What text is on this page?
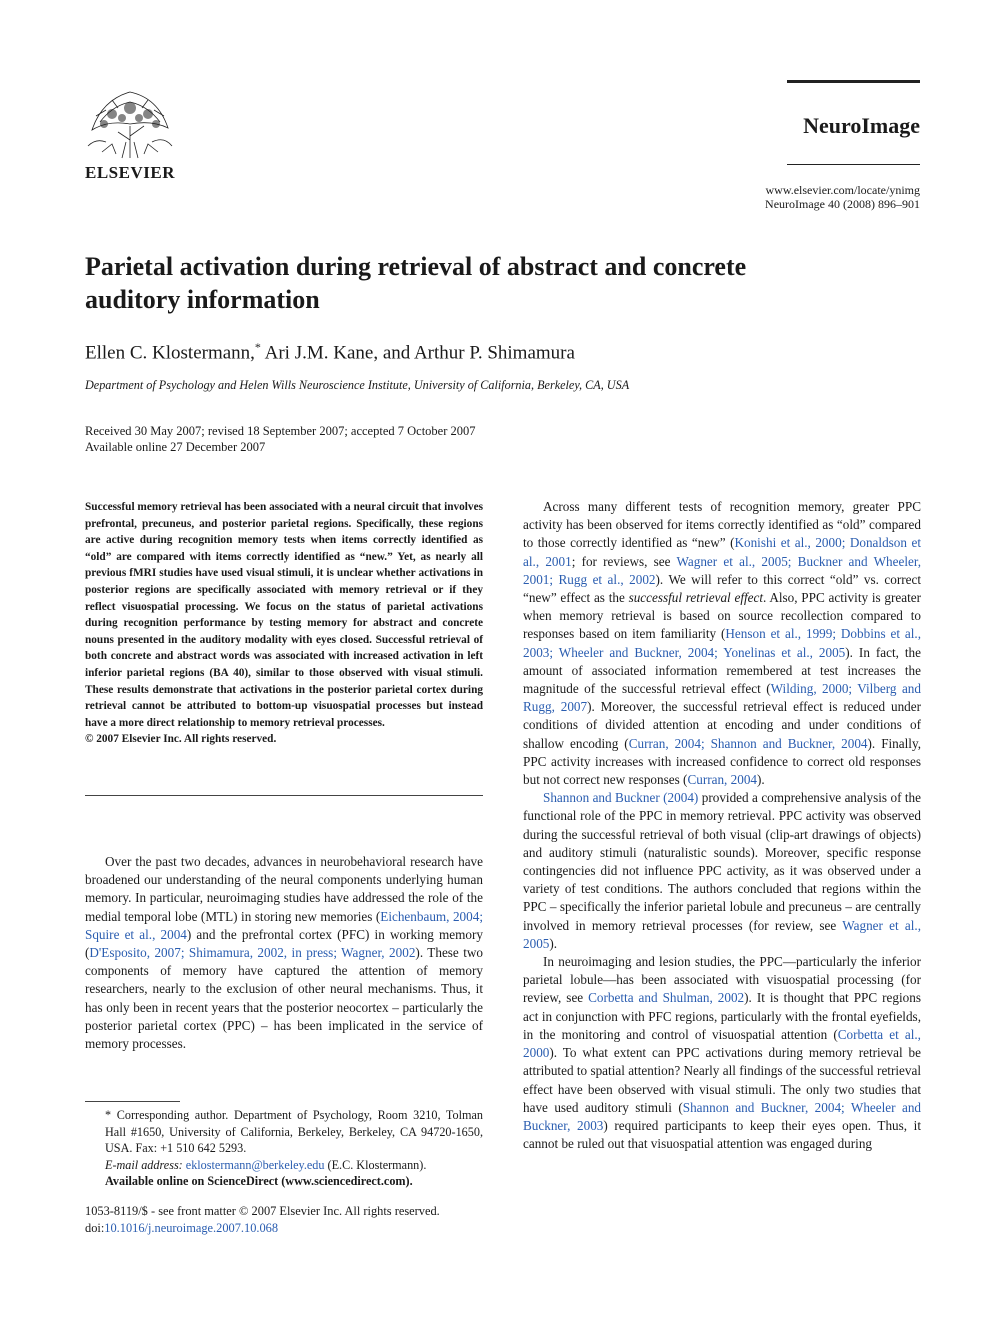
ELSEVIER
NeuroImage
www.elsevier.com/locate/ynimg
NeuroImage 40 (2008) 896–901
Parietal activation during retrieval of abstract and concrete auditory information
Ellen C. Klostermann,* Ari J.M. Kane, and Arthur P. Shimamura
Department of Psychology and Helen Wills Neuroscience Institute, University of California, Berkeley, CA, USA
Received 30 May 2007; revised 18 September 2007; accepted 7 October 2007
Available online 27 December 2007
Successful memory retrieval has been associated with a neural circuit that involves prefrontal, precuneus, and posterior parietal regions. Specifically, these regions are active during recognition memory tests when items correctly identified as “old” are compared with items correctly identified as “new.” Yet, as nearly all previous fMRI studies have used visual stimuli, it is unclear whether activations in posterior regions are specifically associated with memory retrieval or if they reflect visuospatial processing. We focus on the status of parietal activations during recognition performance by testing memory for abstract and concrete nouns presented in the auditory modality with eyes closed. Successful retrieval of both concrete and abstract words was associated with increased activation in left inferior parietal regions (BA 40), similar to those observed with visual stimuli. These results demonstrate that activations in the posterior parietal cortex during retrieval cannot be attributed to bottom-up visuospatial processes but instead have a more direct relationship to memory retrieval processes.
© 2007 Elsevier Inc. All rights reserved.

Over the past two decades, advances in neurobehavioral research have broadened our understanding of the neural components underlying human memory. In particular, neuroimaging studies have addressed the role of the medial temporal lobe (MTL) in storing new memories (Eichenbaum, 2004; Squire et al., 2004) and the prefrontal cortex (PFC) in working memory (D'Esposito, 2007; Shimamura, 2002, in press; Wagner, 2002). These two components of memory have captured the attention of memory researchers, nearly to the exclusion of other neural mechanisms. Thus, it has only been in recent years that the posterior neocortex – particularly the posterior parietal cortex (PPC) – has been implicated in the service of memory processes.

Across many different tests of recognition memory, greater PPC activity has been observed for items correctly identified as “old” compared to those correctly identified as “new” (Konishi et al., 2000; Donaldson et al., 2001; for reviews, see Wagner et al., 2005; Buckner and Wheeler, 2001; Rugg et al., 2002). We will refer to this correct “old” vs. correct “new” effect as the successful retrieval effect. Also, PPC activity is greater when memory retrieval is based on source recollection compared to responses based on item familiarity (Henson et al., 1999; Dobbins et al., 2003; Wheeler and Buckner, 2004; Yonelinas et al., 2005). In fact, the amount of associated information remembered at test increases the magnitude of the successful retrieval effect (Wilding, 2000; Vilberg and Rugg, 2007). Moreover, the successful retrieval effect is reduced under conditions of divided attention at encoding and under conditions of shallow encoding (Curran, 2004; Shannon and Buckner, 2004). Finally, PPC activity increases with increased confidence to correct old responses but not correct new responses (Curran, 2004).

Shannon and Buckner (2004) provided a comprehensive analysis of the functional role of the PPC in memory retrieval. PPC activity was observed during the successful retrieval of both visual (clip-art drawings of objects) and auditory stimuli (naturalistic sounds). Moreover, specific response contingencies did not influence PPC activity, as it was observed under a variety of test conditions. The authors concluded that regions within the PPC – specifically the inferior parietal lobule and precuneus – are centrally involved in memory retrieval processes (for review, see Wagner et al., 2005).

In neuroimaging and lesion studies, the PPC—particularly the inferior parietal lobule—has been associated with visuospatial processing (for review, see Corbetta and Shulman, 2002). It is thought that PPC regions act in conjunction with PFC regions, particularly with the frontal eyefields, in the monitoring and control of visuospatial attention (Corbetta et al., 2000). To what extent can PPC activations during memory retrieval be attributed to spatial attention? Nearly all findings of the successful retrieval effect have been observed with visual stimuli. The only two studies that have used auditory stimuli (Shannon and Buckner, 2004; Wheeler and Buckner, 2003) required participants to keep their eyes open. Thus, it cannot be ruled out that visuospatial attention was engaged during

* Corresponding author. Department of Psychology, Room 3210, Tolman Hall #1650, University of California, Berkeley, Berkeley, CA 94720-1650, USA. Fax: +1 510 642 5293.

E-mail address: eklostermann@berkeley.edu (E.C. Klostermann).

Available online on ScienceDirect (www.sciencedirect.com).

1053-8119/$ - see front matter © 2007 Elsevier Inc. All rights reserved.

doi:10.1016/j.neuroimage.2007.10.068
